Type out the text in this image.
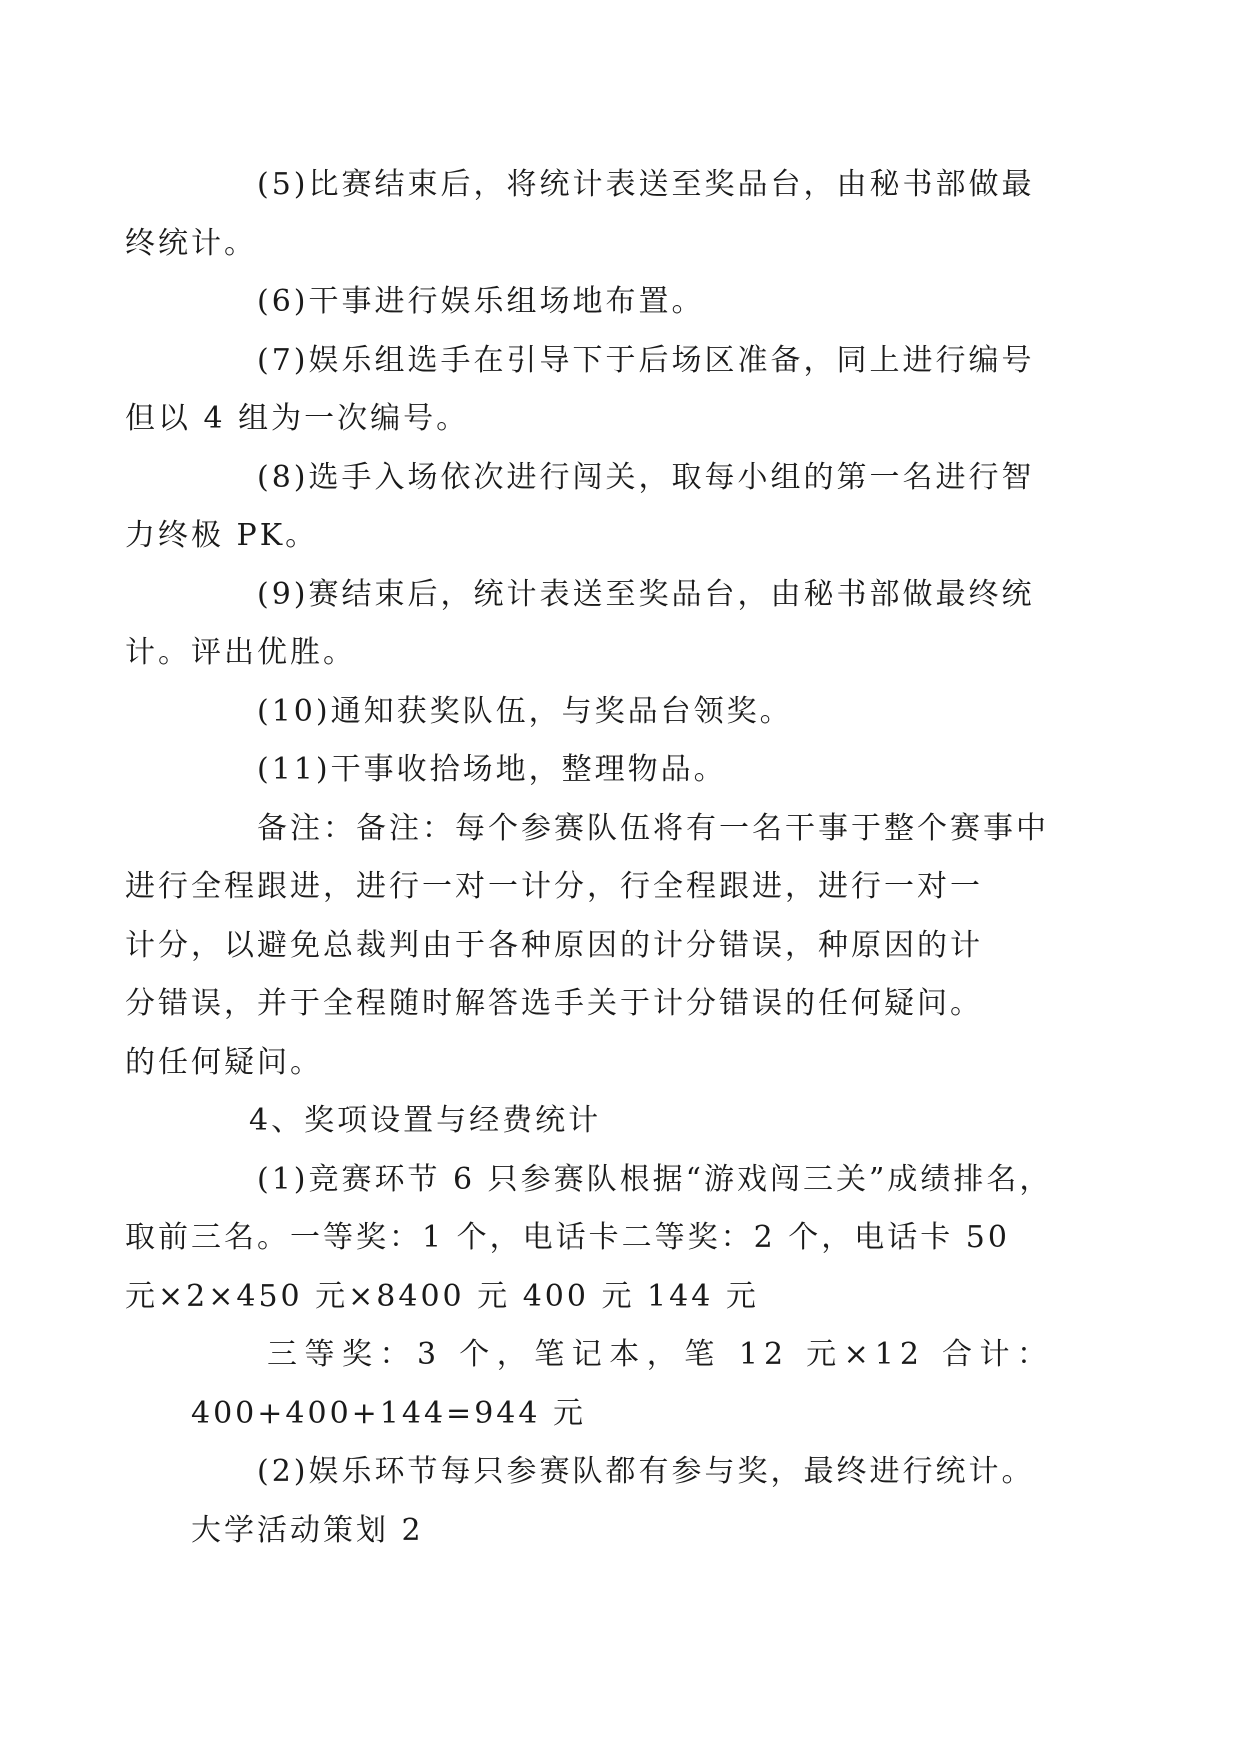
(5)比赛结束后，将统计表送至奖品台，由秘书部做最
终统计。
(6)干事进行娱乐组场地布置。
(7)娱乐组选手在引导下于后场区准备，同上进行编号
但以 4 组为一次编号。
(8)选手入场依次进行闯关，取每小组的第一名进行智
力终极 PK。
(9)赛结束后，统计表送至奖品台，由秘书部做最终统
计。评出优胜。
(10)通知获奖队伍，与奖品台领奖。
(11)干事收拾场地，整理物品。
备注：备注：每个参赛队伍将有一名干事于整个赛事中
进行全程跟进，进行一对一计分，行全程跟进，进行一对一
计分，以避免总裁判由于各种原因的计分错误，种原因的计
分错误，并于全程随时解答选手关于计分错误的任何疑问。
的任何疑问。
4、奖项设置与经费统计
(1)竞赛环节 6 只参赛队根据“游戏闯三关”成绩排名，
取前三名。一等奖：1 个，电话卡二等奖：2 个，电话卡 50
元×2×450 元×8400 元 400 元 144 元
三等奖：3 个，笔记本，笔 12 元×12 合计：
400+400+144=944 元
(2)娱乐环节每只参赛队都有参与奖，最终进行统计。
大学活动策划 2
